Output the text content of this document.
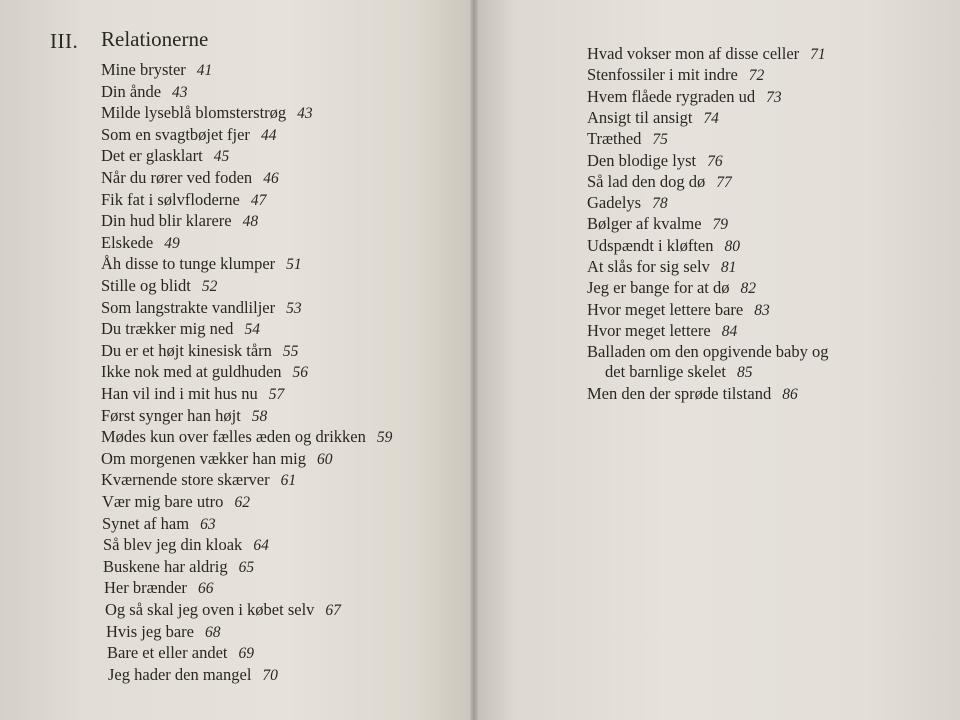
III. Relationerne
Mine bryster 41
Din ånde 43
Milde lyseblå blomsterstrøg 43
Som en svagtbøjet fjer 44
Det er glasklart 45
Når du rører ved foden 46
Fik fat i sølvfloderne 47
Din hud blir klarere 48
Elskede 49
Åh disse to tunge klumper 51
Stille og blidt 52
Som langstrakte vandliljer 53
Du trækker mig ned 54
Du er et højt kinesisk tårn 55
Ikke nok med at guldhuden 56
Han vil ind i mit hus nu 57
Først synger han højt 58
Mødes kun over fælles æden og drikken 59
Om morgenen vækker han mig 60
Kværnende store skærver 61
Vær mig bare utro 62
Synet af ham 63
Så blev jeg din kloak 64
Buskene har aldrig 65
Her brænder 66
Og så skal jeg oven i købet selv 67
Hvis jeg bare 68
Bare et eller andet 69
Jeg hader den mangel 70
Hvad vokser mon af disse celler 71
Stenfossiler i mit indre 72
Hvem flåede rygraden ud 73
Ansigt til ansigt 74
Træthed 75
Den blodige lyst 76
Så lad den dog dø 77
Gadelys 78
Bølger af kvalme 79
Udspændt i kløften 80
At slås for sig selv 81
Jeg er bange for at dø 82
Hvor meget lettere bare 83
Hvor meget lettere 84
Balladen om den opgivende baby og
det barnlige skelet 85
Men den der sprøde tilstand 86
